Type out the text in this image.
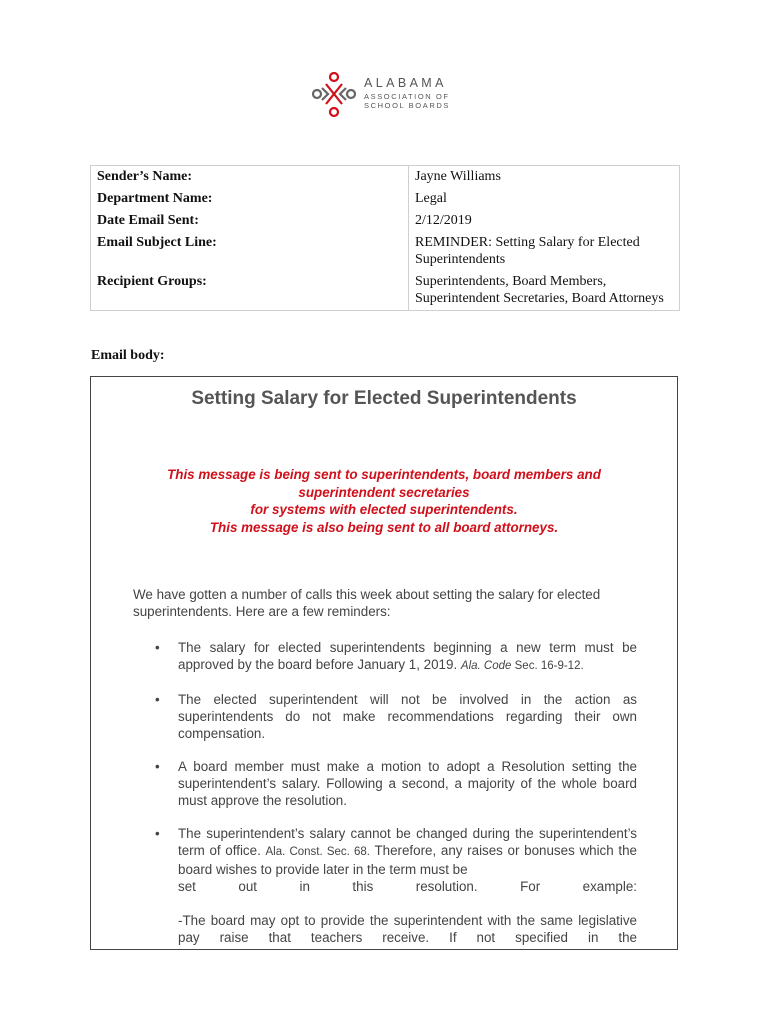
ALABAMA
ASSOCIATION OF
SCHOOL BOARDS
Sender’s Name:	Jayne Williams
Department Name:	Legal
Date Email Sent:	2/12/2019
Email Subject Line:	REMINDER: Setting Salary for Elected Superintendents
Recipient Groups:	Superintendents, Board Members, Superintendent Secretaries, Board Attorneys
Email body:
Setting Salary for Elected Superintendents
This message is being sent to superintendents, board members and
superintendent secretaries
for systems with elected superintendents.
This message is also being sent to all board attorneys.
We have gotten a number of calls this week about setting the salary for elected superintendents. Here are a few reminders:
• The salary for elected superintendents beginning a new term must be approved by the board before January 1, 2019. Ala. Code Sec. 16-9-12.
• The elected superintendent will not be involved in the action as superintendents do not make recommendations regarding their own compensation.
• A board member must make a motion to adopt a Resolution setting the superintendent’s salary. Following a second, a majority of the whole board must approve the resolution.
• The superintendent’s salary cannot be changed during the superintendent’s term of office. Ala. Const. Sec. 68. Therefore, any raises or bonuses which the board wishes to provide later in the term must be
set out in this resolution. For example:
-The board may opt to provide the superintendent with the same legislative pay raise that teachers receive. If not specified in the
